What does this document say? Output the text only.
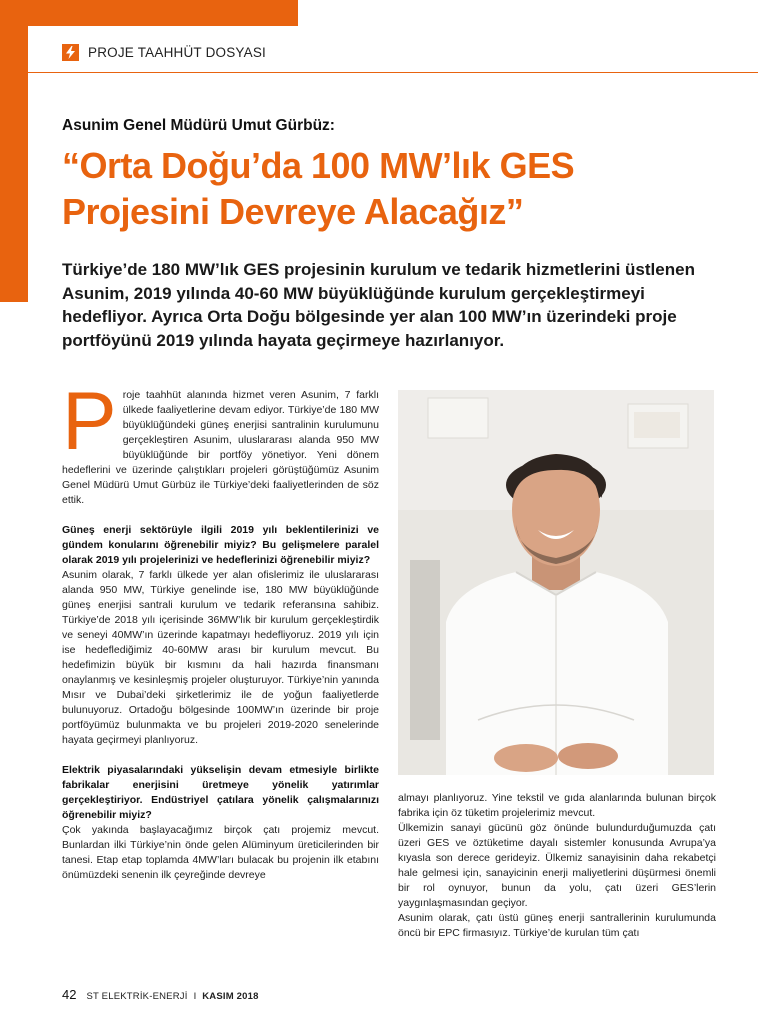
PROJE TAAHHÜT DOSYASI
Asunim Genel Müdürü Umut Gürbüz:
“Orta Doğu’da 100 MW’lık GES
Projesini Devreye Alacağız”

Türkiye’de 180 MW’lık GES projesinin kurulum ve tedarik hizmetlerini üstlenen Asunim, 2019 yılında 40-60 MW büyüklüğünde kurulum gerçekleştirmeyi hedefliyor. Ayrıca Orta Doğu bölgesinde yer alan 100 MW’ın üzerindeki proje portföyünü 2019 yılında hayata geçirmeye hazırlanıyor.

Proje taahhüt alanında hizmet veren Asunim, 7 farklı ülkede faaliyetlerine devam ediyor. Türkiye’de 180 MW büyüklüğündeki güneş enerjisi santralinin kurulumunu gerçekleştiren Asunim, uluslararası alanda 950 MW büyüklüğünde bir portföy yönetiyor. Yeni dönem hedeflerini ve üzerinde çalıştıkları projeleri görüştüğümüz Asunim Genel Müdürü Umut Gürbüz ile Türkiye’deki faaliyetlerinden de söz ettik.

Güneş enerji sektörüyle ilgili 2019 yılı beklentilerinizi ve gündem konularını öğrenebilir miyiz? Bu gelişmelere paralel olarak 2019 yılı projelerinizi ve hedeflerinizi öğrenebilir miyiz?

Asunim olarak, 7 farklı ülkede yer alan ofislerimiz ile uluslararası alanda 950 MW, Türkiye genelinde ise, 180 MW büyüklüğünde güneş enerjisi santrali kurulum ve tedarik referansına sahibiz. Türkiye’de 2018 yılı içerisinde 36MW’lık bir kurulum gerçekleştirdik ve seneyi 40MW’ın üzerinde kapatmayı hedefliyoruz. 2019 yılı için ise hedeflediğimiz 40-60MW arası bir kurulum mevcut. Bu hedefimizin büyük bir kısmını da hali hazırda finansmanı onaylanmış ve kesinleşmiş projeler oluşturuyor. Türkiye’nin yanında Mısır ve Dubai’deki şirketlerimiz ile de yoğun faaliyetlerde bulunuyoruz. Ortadoğu bölgesinde 100MW’ın üzerinde bir proje portföyümüz bulunmakta ve bu projeleri 2019-2020 senelerinde hayata geçirmeyi planlıyoruz.

Elektrik piyasalarındaki yükselişin devam etmesiyle birlikte fabrikalar enerjisini üretmeye yönelik yatırımlar gerçekleştiriyor. Endüstriyel çatılara yönelik çalışmalarınızı öğrenebilir miyiz?

Çok yakında başlayacağımız birçok çatı projemiz mevcut. Bunlardan ilki Türkiye’nin önde gelen Alüminyum üreticilerinden bir tanesi. Etap etap toplamda 4MW’ları bulacak bu projenin ilk etabını önümüzdeki senenin ilk çeyreğinde devreye

almayı planlıyoruz. Yine tekstil ve gıda alanlarında bulunan birçok fabrika için öz tüketim projelerimiz mevcut.

Ülkemizin sanayi gücünü göz önünde bulundurduğumuzda çatı üzeri GES ve öztüketime dayalı sistemler konusunda Avrupa’ya kıyasla son derece gerideyiz. Ülkemiz sanayisinin daha rekabetçi hale gelmesi için, sanayicinin enerji maliyetlerini düşürmesi önemli bir rol oynuyor, bunun da yolu, çatı üzeri GES’lerin yaygınlaşmasından geçiyor.

Asunim olarak, çatı üstü güneş enerji santrallerinin kurulumunda öncü bir EPC firmasıyız. Türkiye’de kurulan tüm çatı

42 ST ELEKTRİK-ENERJİ I KASIM 2018
